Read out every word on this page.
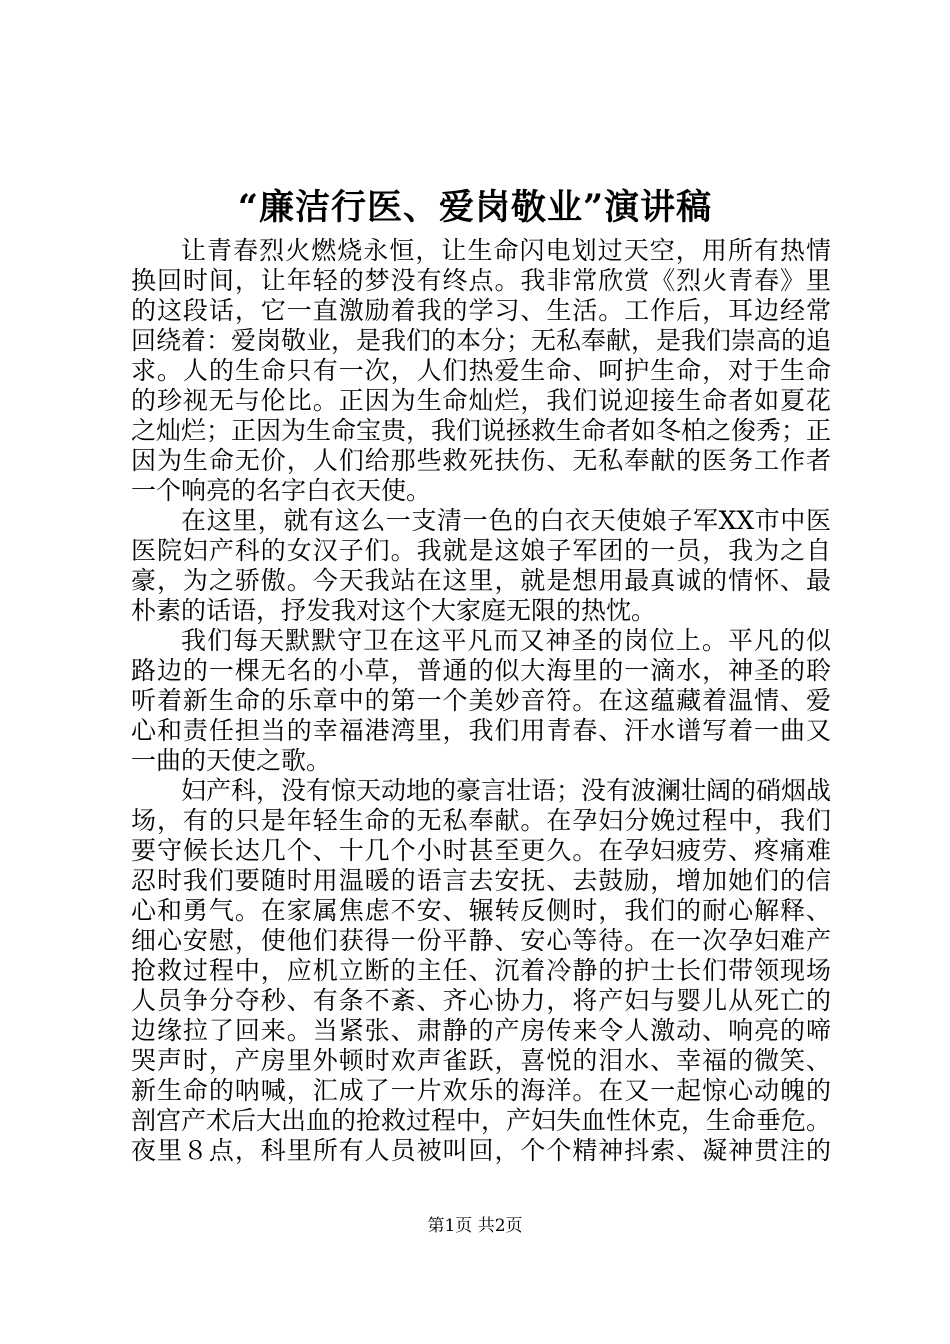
“廉洁行医、爱岗敬业”演讲稿
让青春烈火燃烧永恒，让生命闪电划过天空，用所有热情
换回时间，让年轻的梦没有终点。我非常欣赏《烈火青春》里
的这段话，它一直激励着我的学习、生活。工作后，耳边经常
回绕着：爱岗敬业，是我们的本分；无私奉献，是我们崇高的追
求。人的生命只有一次，人们热爱生命、呵护生命，对于生命
的珍视无与伦比。正因为生命灿烂，我们说迎接生命者如夏花
之灿烂；正因为生命宝贵，我们说拯救生命者如冬柏之俊秀；正
因为生命无价，人们给那些救死扶伤、无私奉献的医务工作者
一个响亮的名字白衣天使。
在这里，就有这么一支清一色的白衣天使娘子军XX市中医
医院妇产科的女汉子们。我就是这娘子军团的一员，我为之自
豪，为之骄傲。今天我站在这里，就是想用最真诚的情怀、最
朴素的话语，抒发我对这个大家庭无限的热忱。
我们每天默默守卫在这平凡而又神圣的岗位上。平凡的似
路边的一棵无名的小草，普通的似大海里的一滴水，神圣的聆
听着新生命的乐章中的第一个美妙音符。在这蕴藏着温情、爱
心和责任担当的幸福港湾里，我们用青春、汗水谱写着一曲又
一曲的天使之歌。
妇产科，没有惊天动地的豪言壮语；没有波澜壮阔的硝烟战
场，有的只是年轻生命的无私奉献。在孕妇分娩过程中，我们
要守候长达几个、十几个小时甚至更久。在孕妇疲劳、疼痛难
忍时我们要随时用温暖的语言去安抚、去鼓励，增加她们的信
心和勇气。在家属焦虑不安、辗转反侧时，我们的耐心解释、
细心安慰，使他们获得一份平静、安心等待。在一次孕妇难产
抢救过程中，应机立断的主任、沉着冷静的护士长们带领现场
人员争分夺秒、有条不紊、齐心协力，将产妇与婴儿从死亡的
边缘拉了回来。当紧张、肃静的产房传来令人激动、响亮的啼
哭声时，产房里外顿时欢声雀跃，喜悦的泪水、幸福的微笑、
新生命的呐喊，汇成了一片欢乐的海洋。在又一起惊心动魄的
剖宫产术后大出血的抢救过程中，产妇失血性休克，生命垂危。
夜里８点，科里所有人员被叫回，个个精神抖索、凝神贯注的
第1页 共2页
